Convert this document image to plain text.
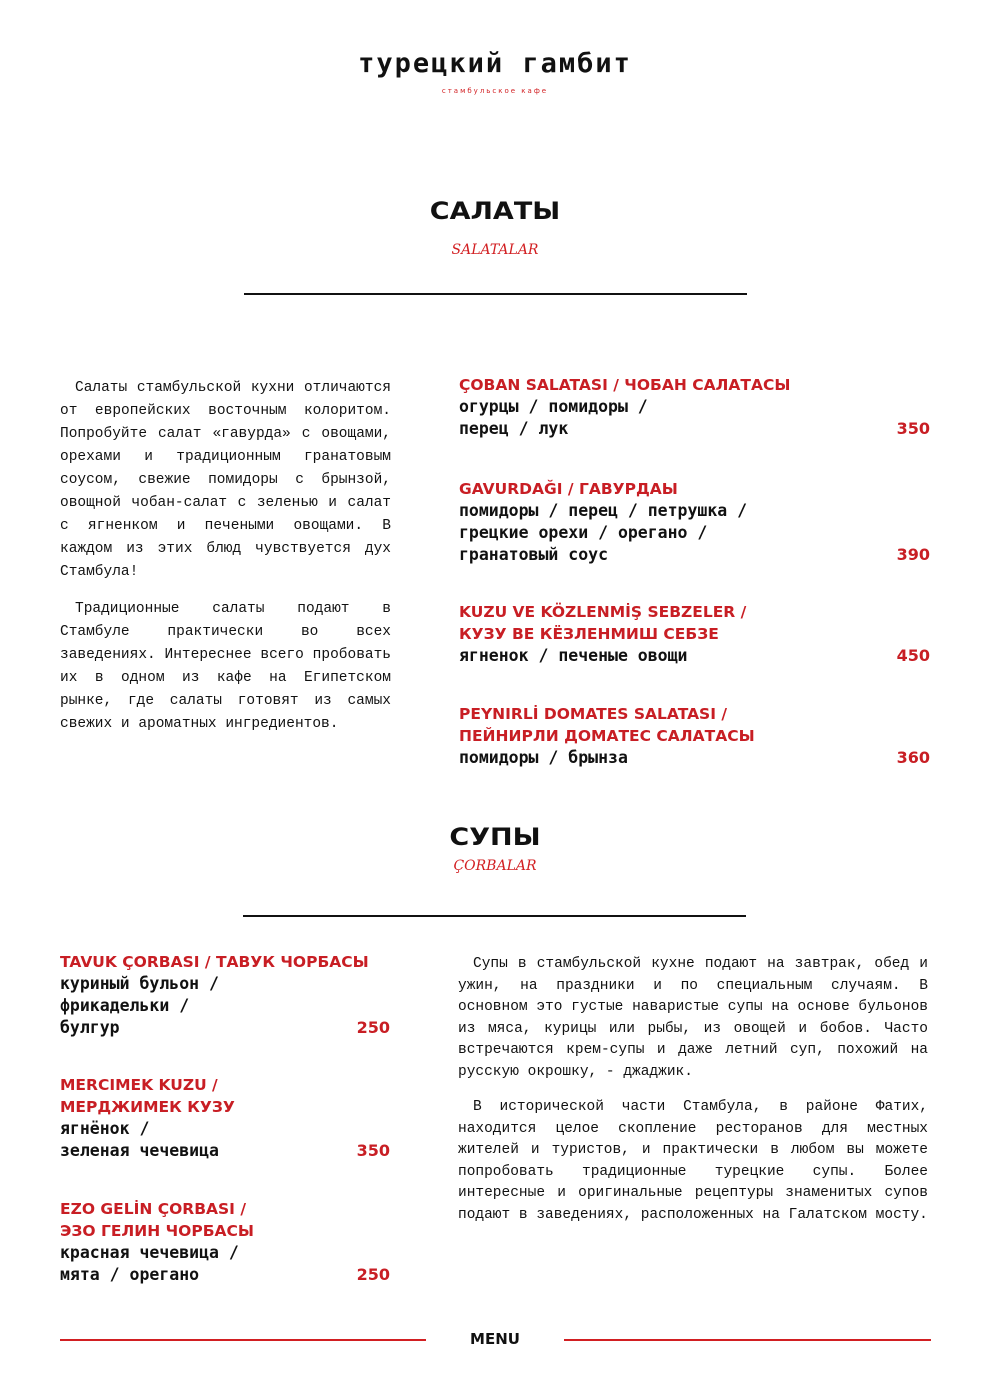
турецкий гамбит
стамбульское кафе
САЛАТЫ
SALATALAR

Салаты стамбульской кухни отличаются от европейских восточным колоритом. Попробуйте салат «гавурда» с овощами, орехами и традиционным гранатовым соусом, свежие помидоры с брынзой, овощной чобан-салат с зеленью и салат с ягненком и печеными овощами. В каждом из этих блюд чувствуется дух Стамбула!

Традиционные салаты подают в Стамбуле практически во всех заведениях. Интереснее всего пробовать их в одном из кафе на Египетском рынке, где салаты готовят из самых свежих и ароматных ингредиентов.

ÇOBAN SALATASI / ЧОБАН САЛАТАСЫ
огурцы / помидоры /
перец / лук	350
GAVURDAĞI / ГАВУРДАЫ
помидоры / перец / петрушка /
грецкие орехи / орегано /
гранатовый соус	390
KUZU VE KÖZLENMİŞ SEBZELER /
КУЗУ ВЕ КЁЗЛЕНМИШ СЕБЗЕ
ягненок / печеные овощи	450
PEYNIRLİ DOMATES SALATASI /
ПЕЙНИРЛИ ДОМАТЕС САЛАТАСЫ
помидоры / брынза	360
СУПЫ
ÇORBALAR
TAVUK ÇORBASI / ТАВУК ЧОРБАСЫ
куриный бульон /
фрикадельки /
булгур	250
MERCIMEK KUZU /
МЕРДЖИМЕК КУЗУ
ягнёнок /
зеленая чечевица	350
EZO GELİN ÇORBASI /
ЭЗО ГЕЛИН ЧОРБАСЫ
красная чечевица /
мята / орегано	250

Супы в стамбульской кухне подают на завтрак, обед и ужин, на праздники и по специальным случаям. В основном это густые наваристые супы на основе бульонов из мяса, курицы или рыбы, из овощей и бобов. Часто встречаются крем-супы и даже летний суп, похожий на русскую окрошку, - джаджик.

В исторической части Стамбула, в районе Фатих, находится целое скопление ресторанов для местных жителей и туристов, и практически в любом вы можете попробовать традиционные турецкие супы. Более интересные и оригинальные рецептуры знаменитых супов подают в заведениях, расположенных на Галатском мосту.

MENU
